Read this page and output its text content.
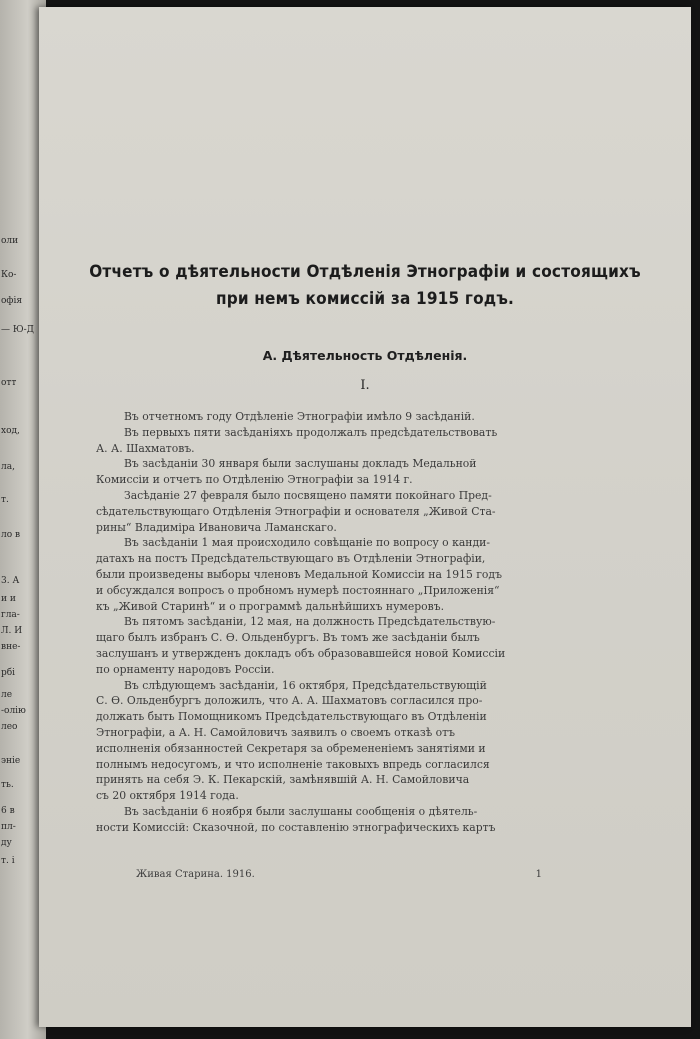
оли
Ко-
офія
— Ю-Д
отт
ход,
ла,
т.
ло в
3. А
и и
гла-
Л. И
вне-
рбі
ле
-олію
лео
эніе
ть.
6 в
пл-
ду
т. і
Отчетъ о дѣятельности Отдѣленія Этнографіи и состоящихъ
при немъ комиссій за 1915 годъ.
А. Дѣятельность Отдѣленія.
I.
Въ отчетномъ году Отдѣленіе Этнографіи имѣло 9 засѣданій.
Въ первыхъ пяти засѣданіяхъ продолжалъ предсѣдательствовать
А. А. Шахматовъ.
Въ засѣданіи 30 января были заслушаны докладъ Медальной
Комиссіи и отчетъ по Отдѣленію Этнографіи за 1914 г.
Засѣданіе 27 февраля было посвящено памяти покойнаго Пред-
сѣдательствующаго Отдѣленія Этнографіи и основателя „Живой Ста-
рины“ Владиміра Ивановича Ламанскаго.
Въ засѣданіи 1 мая происходило совѣщаніе по вопросу о канди-
датахъ на постъ Предсѣдательствующаго въ Отдѣленіи Этнографіи,
были произведены выборы членовъ Медальной Комиссіи на 1915 годъ
и обсуждался вопросъ о пробномъ нумерѣ постояннаго „Приложенія“
къ „Живой Старинѣ“ и о программѣ дальнѣйшихъ нумеровъ.
Въ пятомъ засѣданіи, 12 мая, на должность Предсѣдательствую-
щаго былъ избранъ С. Ѳ. Ольденбургъ. Въ томъ же засѣданіи былъ
заслушанъ и утвержденъ докладъ объ образовавшейся новой Комиссіи
по орнаменту народовъ Россіи.
Въ слѣдующемъ засѣданіи, 16 октября, Предсѣдательствующій
С. Ѳ. Ольденбургъ доложилъ, что А. А. Шахматовъ согласился про-
должать быть Помощникомъ Предсѣдательствующаго въ Отдѣленіи
Этнографіи, а А. Н. Самойловичъ заявилъ о своемъ отказѣ отъ
исполненія обязанностей Секретаря за обремененіемъ занятіями и
полнымъ недосугомъ, и что исполненіе таковыхъ впредь согласился
принять на себя Э. К. Пекарскій, замѣнявшій А. Н. Самойловича
съ 20 октября 1914 года.
Въ засѣданіи 6 ноября были заслушаны сообщенія о дѣятель-
ности Комиссій: Сказочной, по составленію этнографическихъ картъ
Живая Старина. 1916.	1
